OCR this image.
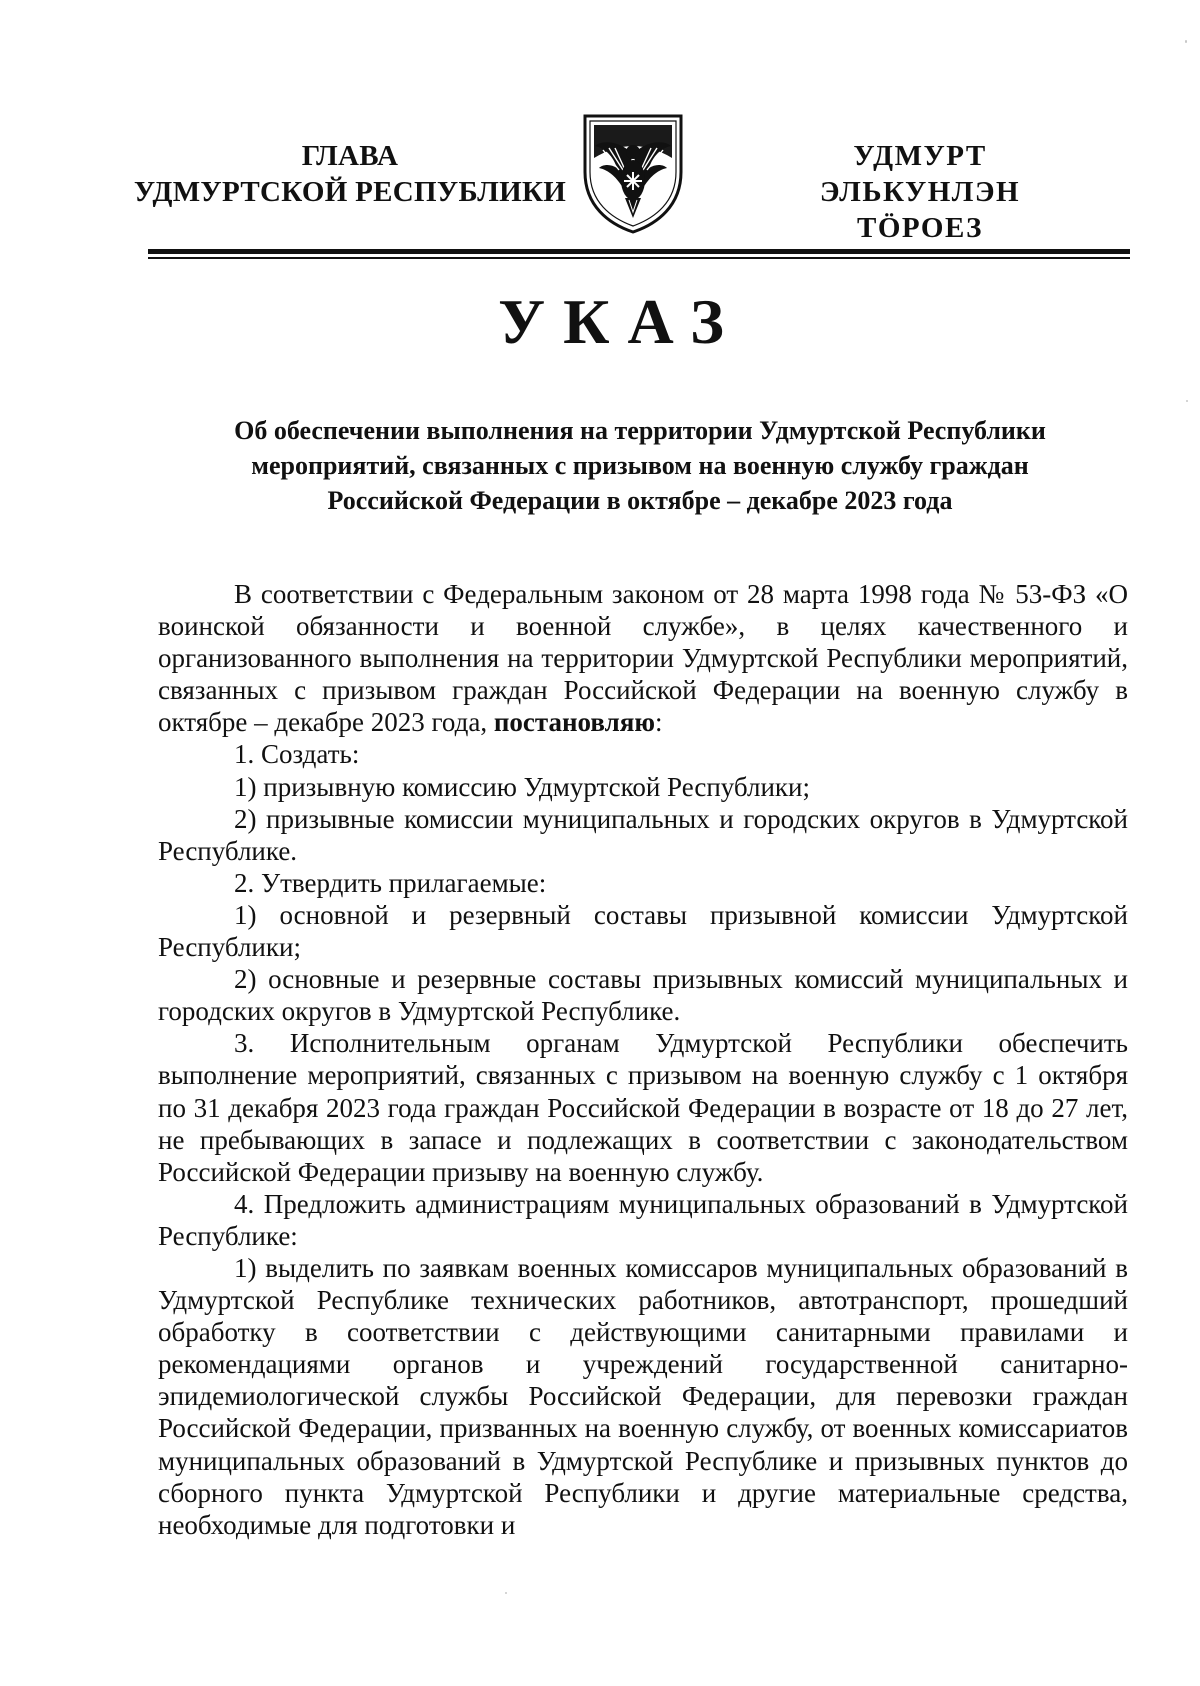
ГЛАВА
УДМУРТСКОЙ РЕСПУБЛИКИ
УДМУРТ ЭЛЬКУНЛЭН
ТӦРОЕЗ
УКАЗ
Об обеспечении выполнения на территории Удмуртской Республики
мероприятий, связанных с призывом на военную службу граждан
Российской Федерации в октябре – декабре 2023 года

В соответствии с Федеральным законом от 28 марта 1998 года № 53-ФЗ «О воинской обязанности и военной службе», в целях качественного и организованного выполнения на территории Удмуртской Республики мероприятий, связанных с призывом граждан Российской Федерации на военную службу в октябре – декабре 2023 года, постановляю:

1. Создать:

1) призывную комиссию Удмуртской Республики;

2) призывные комиссии муниципальных и городских округов в Удмуртской Республике.

2. Утвердить прилагаемые:

1) основной и резервный составы призывной комиссии Удмуртской Республики;

2) основные и резервные составы призывных комиссий муниципальных и городских округов в Удмуртской Республике.

3. Исполнительным органам Удмуртской Республики обеспечить выполнение мероприятий, связанных с призывом на военную службу с 1 октября по 31 декабря 2023 года граждан Российской Федерации в возрасте от 18 до 27 лет, не пребывающих в запасе и подлежащих в соответствии с законодательством Российской Федерации призыву на военную службу.

4. Предложить администрациям муниципальных образований в Удмуртской Республике:

1) выделить по заявкам военных комиссаров муниципальных образований в Удмуртской Республике технических работников, автотранспорт, прошедший обработку в соответствии с действующими санитарными правилами и рекомендациями органов и учреждений государственной санитарно-эпидемиологической службы Российской Федерации, для перевозки граждан Российской Федерации, призванных на военную службу, от военных комиссариатов муниципальных образований в Удмуртской Республике и призывных пунктов до сборного пункта Удмуртской Республики и другие материальные средства, необходимые для подготовки и
